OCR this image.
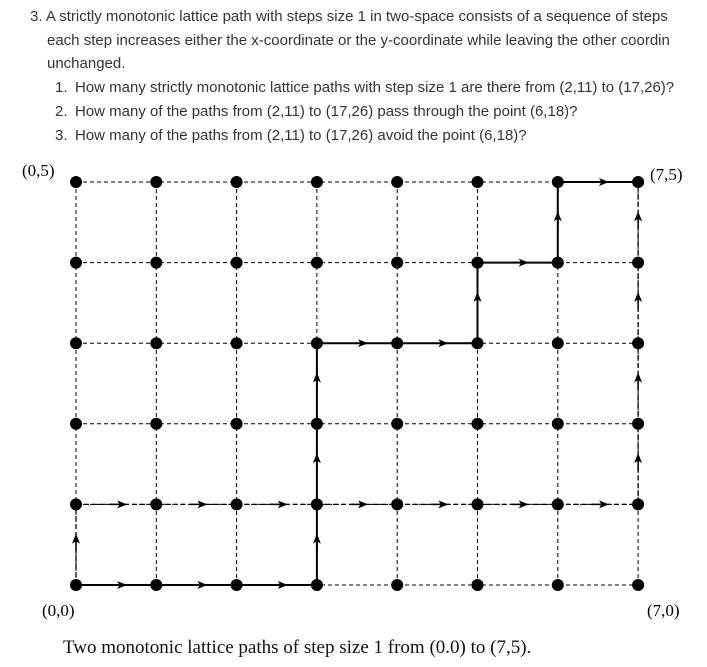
3. A strictly monotonic lattice path with steps size 1 in two-space consists of a sequence of steps

each step increases either the x-coordinate or the y-coordinate while leaving the other coordin

unchanged.

1. How many strictly monotonic lattice paths with step size 1 are there from (2,11) to (17,26)?
2. How many of the paths from (2,11) to (17,26) pass through the point (6,18)?
3. How many of the paths from (2,11) to (17,26) avoid the point (6,18)?
(0,5)	(7,5)
(0,0)	(7,0)
Two monotonic lattice paths of step size 1 from (0.0) to (7,5).
